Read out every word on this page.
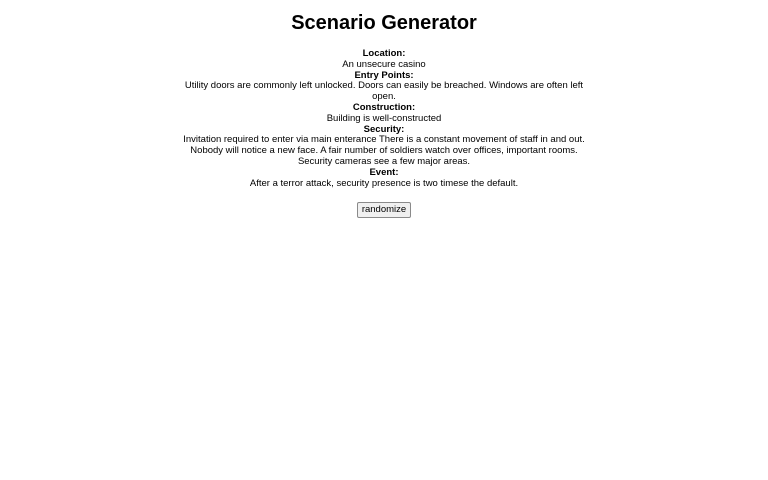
Scenario Generator
Location:
An unsecure casino
Entry Points:
Utility doors are commonly left unlocked. Doors can easily be breached. Windows are often left open.
Construction:
Building is well-constructed
Security:
Invitation required to enter via main enterance There is a constant movement of staff in and out. Nobody will notice a new face. A fair number of soldiers watch over offices, important rooms.
Security cameras see a few major areas.
Event:
After a terror attack, security presence is two timese the default.
randomize
